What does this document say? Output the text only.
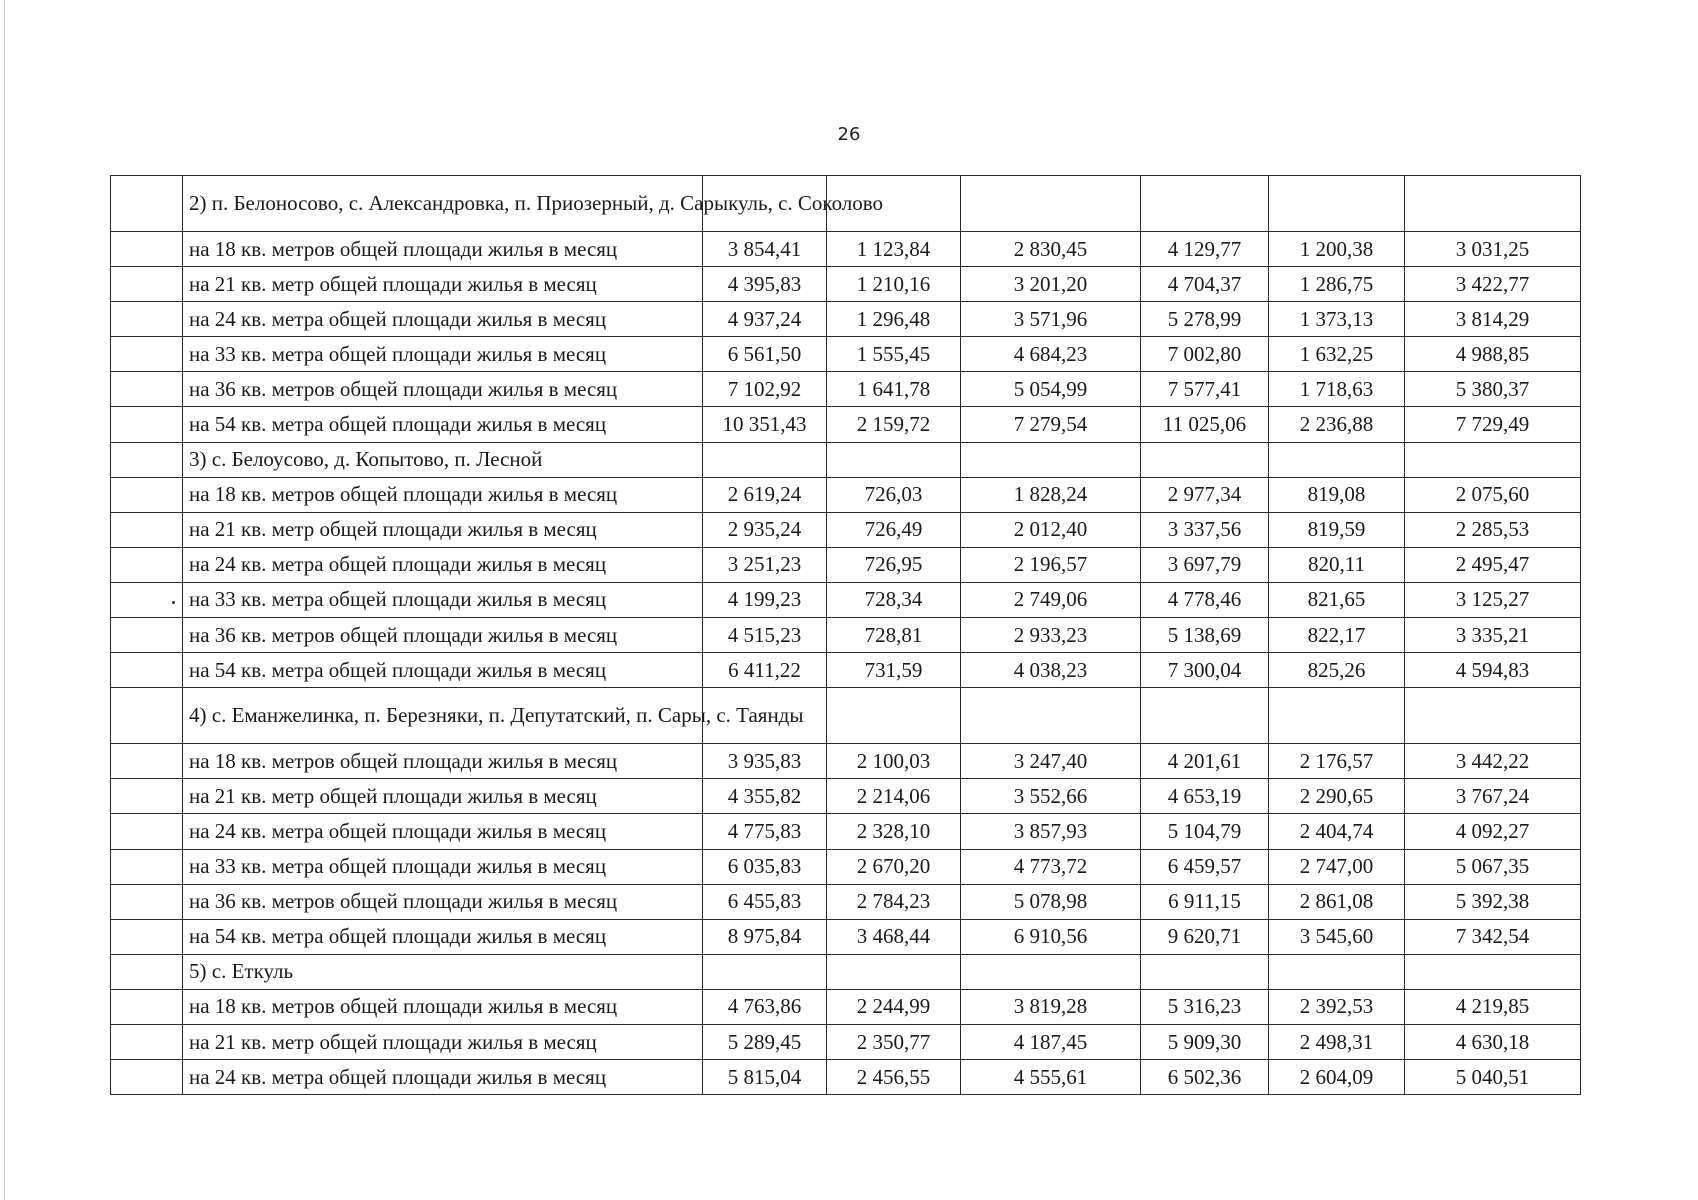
26
	2) п. Белоносово, с. Александровка, п. Приозерный, д. Сарыкуль, с. Соколово						
	на 18 кв. метров общей площади жилья в месяц	3 854,41	1 123,84	2 830,45	4 129,77	1 200,38	3 031,25
	на 21 кв. метр общей площади жилья в месяц	4 395,83	1 210,16	3 201,20	4 704,37	1 286,75	3 422,77
	на 24 кв. метра общей площади жилья в месяц	4 937,24	1 296,48	3 571,96	5 278,99	1 373,13	3 814,29
	на 33 кв. метра общей площади жилья в месяц	6 561,50	1 555,45	4 684,23	7 002,80	1 632,25	4 988,85
	на 36 кв. метров общей площади жилья в месяц	7 102,92	1 641,78	5 054,99	7 577,41	1 718,63	5 380,37
	на 54 кв. метра общей площади жилья в месяц	10 351,43	2 159,72	7 279,54	11 025,06	2 236,88	7 729,49
	3) с. Белоусово, д. Копытово, п. Лесной						
	на 18 кв. метров общей площади жилья в месяц	2 619,24	726,03	1 828,24	2 977,34	819,08	2 075,60
	на 21 кв. метр общей площади жилья в месяц	2 935,24	726,49	2 012,40	3 337,56	819,59	2 285,53
	на 24 кв. метра общей площади жилья в месяц	3 251,23	726,95	2 196,57	3 697,79	820,11	2 495,47
	на 33 кв. метра общей площади жилья в месяц	4 199,23	728,34	2 749,06	4 778,46	821,65	3 125,27
	на 36 кв. метров общей площади жилья в месяц	4 515,23	728,81	2 933,23	5 138,69	822,17	3 335,21
	на 54 кв. метра общей площади жилья в месяц	6 411,22	731,59	4 038,23	7 300,04	825,26	4 594,83
	4) с. Еманжелинка, п. Березняки, п. Депутатский, п. Сары, с. Таянды						
	на 18 кв. метров общей площади жилья в месяц	3 935,83	2 100,03	3 247,40	4 201,61	2 176,57	3 442,22
	на 21 кв. метр общей площади жилья в месяц	4 355,82	2 214,06	3 552,66	4 653,19	2 290,65	3 767,24
	на 24 кв. метра общей площади жилья в месяц	4 775,83	2 328,10	3 857,93	5 104,79	2 404,74	4 092,27
	на 33 кв. метра общей площади жилья в месяц	6 035,83	2 670,20	4 773,72	6 459,57	2 747,00	5 067,35
	на 36 кв. метров общей площади жилья в месяц	6 455,83	2 784,23	5 078,98	6 911,15	2 861,08	5 392,38
	на 54 кв. метра общей площади жилья в месяц	8 975,84	3 468,44	6 910,56	9 620,71	3 545,60	7 342,54
	5) с. Еткуль						
	на 18 кв. метров общей площади жилья в месяц	4 763,86	2 244,99	3 819,28	5 316,23	2 392,53	4 219,85
	на 21 кв. метр общей площади жилья в месяц	5 289,45	2 350,77	4 187,45	5 909,30	2 498,31	4 630,18
	на 24 кв. метра общей площади жилья в месяц	5 815,04	2 456,55	4 555,61	6 502,36	2 604,09	5 040,51
